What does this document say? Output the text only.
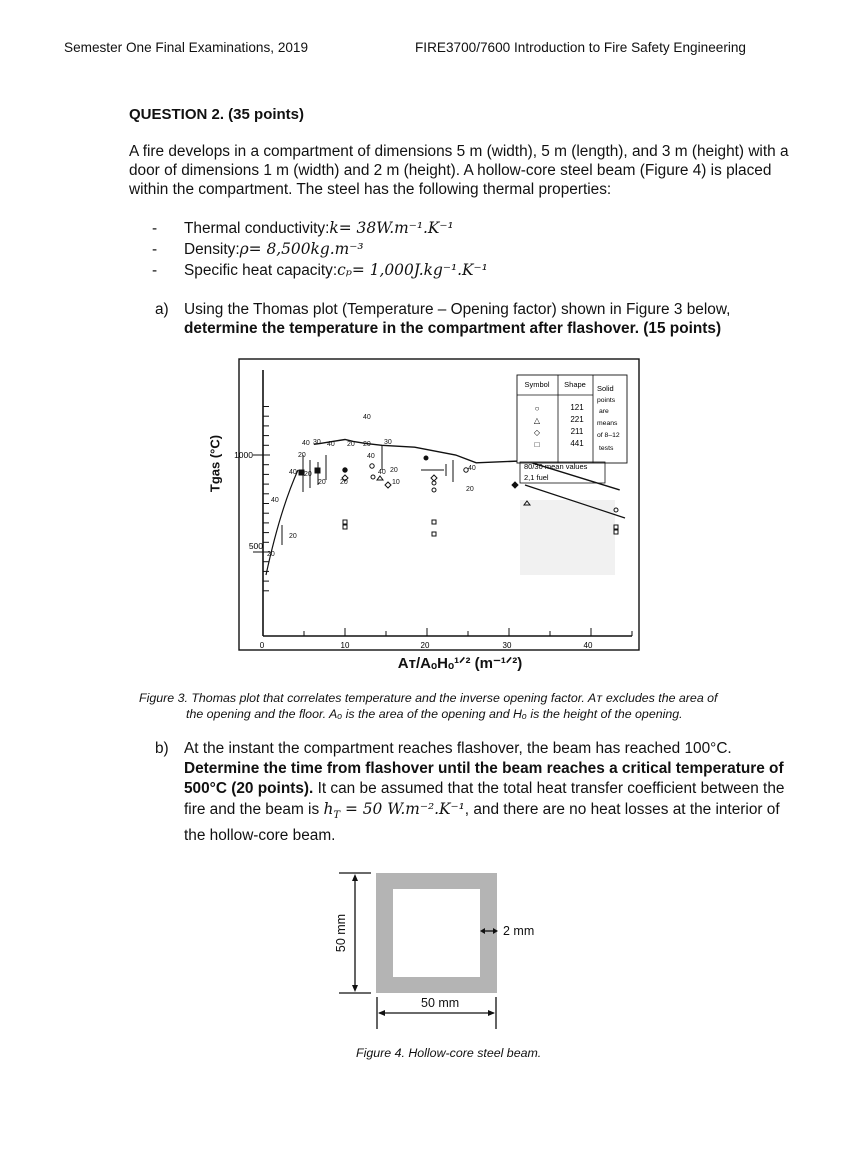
Semester One Final Examinations, 2019	FIRE3700/7600 Introduction to Fire Safety Engineering
QUESTION 2. (35 points)
A fire develops in a compartment of dimensions 5 m (width), 5 m (length), and 3 m (height) with a door of dimensions 1 m (width) and 2 m (height). A hollow-core steel beam (Figure 4) is placed within the compartment. The steel has the following thermal properties:
-	Thermal conductivity: k = 38 W.m⁻¹.K⁻¹
-	Density: ρ = 8,500 kg.m⁻³
-	Specific heat capacity: cₚ = 1,000 J.kg⁻¹.K⁻¹
a) Using the Thomas plot (Temperature – Opening factor) shown in Figure 3 below,
determine the temperature in the compartment after flashover. (15 points)
1000
500
0	10	20	30	40
40
40 30 40 20 20 30
40
20
20
40 20	40
20 20	10
40
20
40
20
20
Symbol Shape Solid
points
are
means
of 8–12
tests
○
△
◇
□
121
221
211
441
80/30 mean values
2,1 fuel
Tgas (°C)
Aᴛ/AₒHₒ¹ᐟ² (m⁻¹ᐟ²)
Figure 3. Thomas plot that correlates temperature and the inverse opening factor. Aᴛ excludes the area of
the opening and the floor. Aₒ is the area of the opening and Hₒ is the height of the opening.
b) At the instant the compartment reaches flashover, the beam has reached 100°C.
Determine the time from flashover until the beam reaches a critical temperature of 500°C (20 points). It can be assumed that the total heat transfer coefficient between the fire and the beam is $h_T = 50$ W.m⁻².K⁻¹, and there are no heat losses at the interior of the hollow-core beam.
2 mm
50 mm
50 mm
Figure 4. Hollow-core steel beam.
